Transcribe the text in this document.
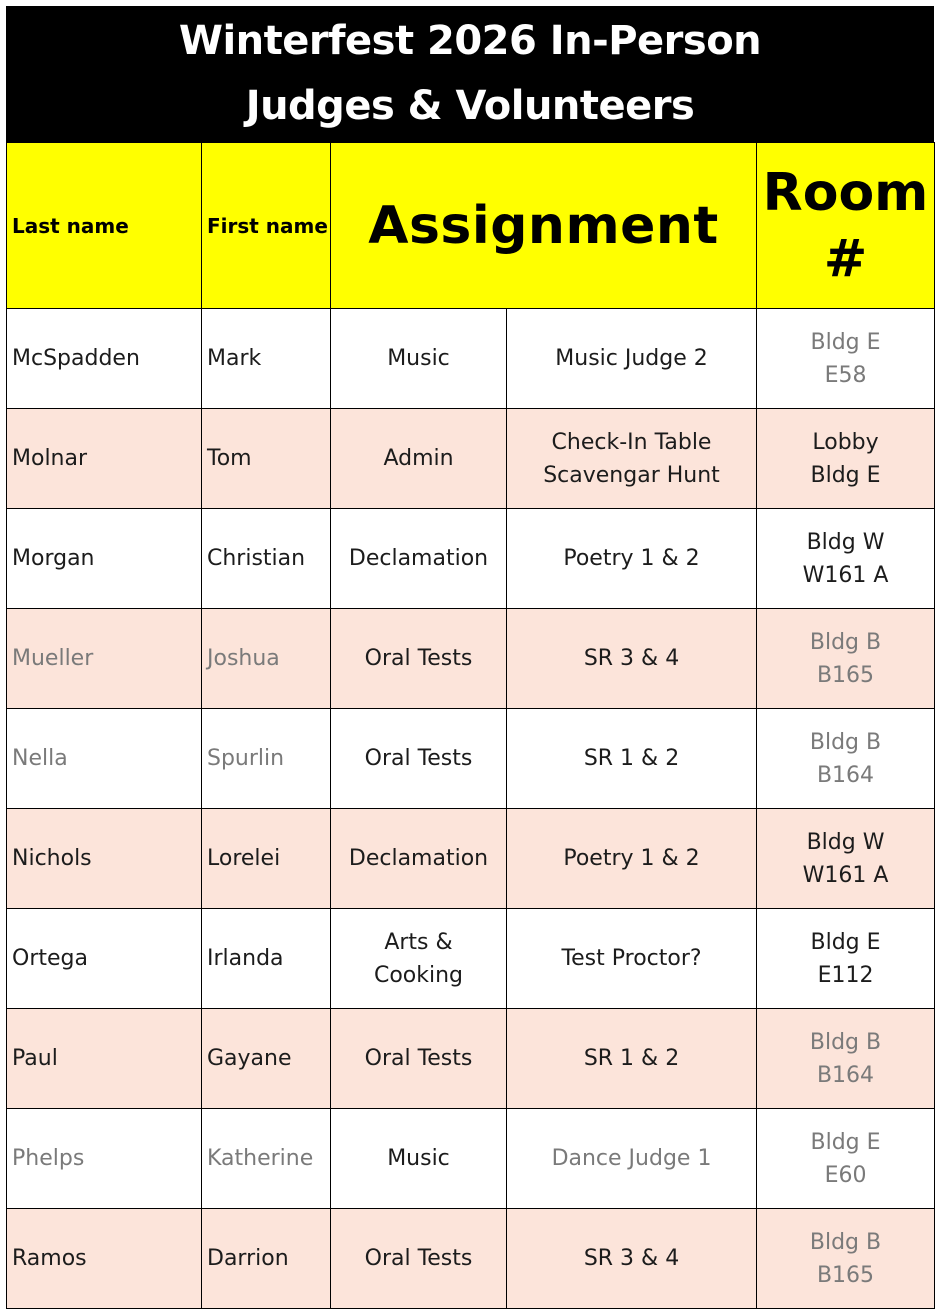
Winterfest 2026 In-Person
Judges & Volunteers
Last name	First name	Assignment		Room #
McSpadden	Mark	Music	Music Judge 2	Bldg E
E58

Molnar	Tom	Admin	Check-In Table Scavengar Hunt	Lobby
Bldg E

Morgan	Christian	Declamation	Poetry 1 & 2	Bldg W
W161 A

Mueller	Joshua	Oral Tests	SR 3 & 4	Bldg B
B165

Nella	Spurlin	Oral Tests	SR 1 & 2	Bldg B
B164

Nichols	Lorelei	Declamation	Poetry 1 & 2	Bldg W
W161 A

Ortega	Irlanda	Arts & Cooking	Test Proctor?	Bldg E
E112

Paul	Gayane	Oral Tests	SR 1 & 2	Bldg B
B164

Phelps	Katherine	Music	Dance Judge 1	Bldg E
E60

Ramos	Darrion	Oral Tests	SR 3 & 4	Bldg B
B165
